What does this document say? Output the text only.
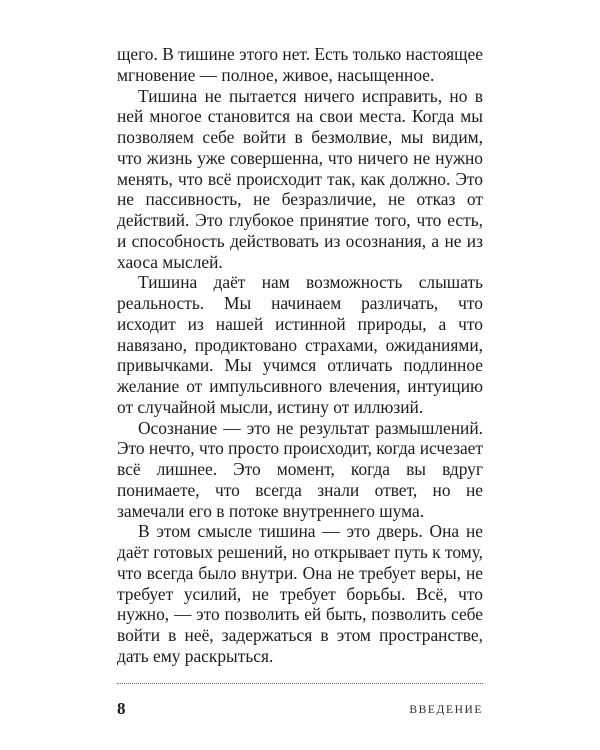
щего. В тишине этого нет. Есть только настоящее мгновение — полное, живое, насыщенное.

Тишина не пытается ничего исправить, но в ней многое становится на свои места. Когда мы позволяем себе войти в безмолвие, мы видим, что жизнь уже совершенна, что ничего не нужно менять, что всё происходит так, как должно. Это не пассивность, не безразличие, не отказ от действий. Это глубокое принятие того, что есть, и способность действовать из осознания, а не из хаоса мыслей.

Тишина даёт нам возможность слышать реальность. Мы начинаем различать, что исходит из нашей истинной природы, а что навязано, продиктовано страхами, ожиданиями, привычками. Мы учимся отличать подлинное желание от импульсивного влечения, интуицию от случайной мысли, истину от иллюзий.

Осознание — это не результат размышлений. Это нечто, что просто происходит, когда исчезает всё лишнее. Это момент, когда вы вдруг понимаете, что всегда знали ответ, но не замечали его в потоке внутреннего шума.

В этом смысле тишина — это дверь. Она не даёт готовых решений, но открывает путь к тому, что всегда было внутри. Она не требует веры, не требует усилий, не требует борьбы. Всё, что нужно, — это позволить ей быть, позволить себе войти в неё, задержаться в этом пространстве, дать ему раскрыться.

8	ВВЕДЕНИЕ
